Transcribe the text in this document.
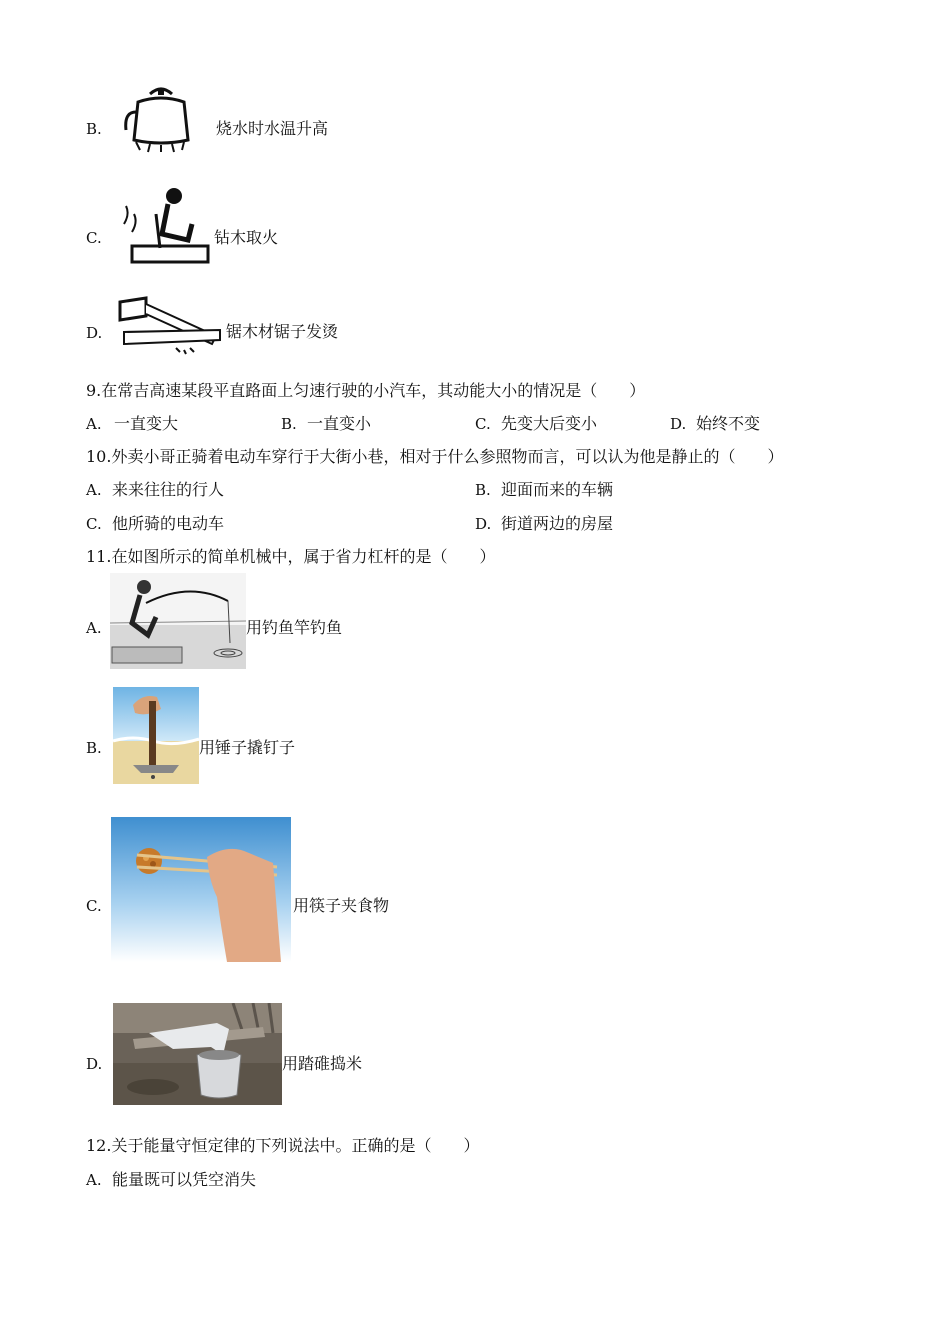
B.	烧水时水温升高
C.	钻木取火
D.	锯木材锯子发烫
9.在常吉高速某段平直路面上匀速行驶的小汽车，其动能大小的情况是（　　）
A. 一直变大	B. 一直变小	C. 先变大后变小	D. 始终不变
10.外卖小哥正骑着电动车穿行于大街小巷，相对于什么参照物而言，可以认为他是静止的（　　）
A. 来来往往的行人	B. 迎面而来的车辆
C. 他所骑的电动车	D. 街道两边的房屋
11.在如图所示的简单机械中，属于省力杠杆的是（　　）
A.	用钓鱼竿钓鱼
B.	用锤子撬钉子
C.	用筷子夹食物
D.	用踏碓捣米
12.关于能量守恒定律的下列说法中。正确的是（　　）
A. 能量既可以凭空消失
